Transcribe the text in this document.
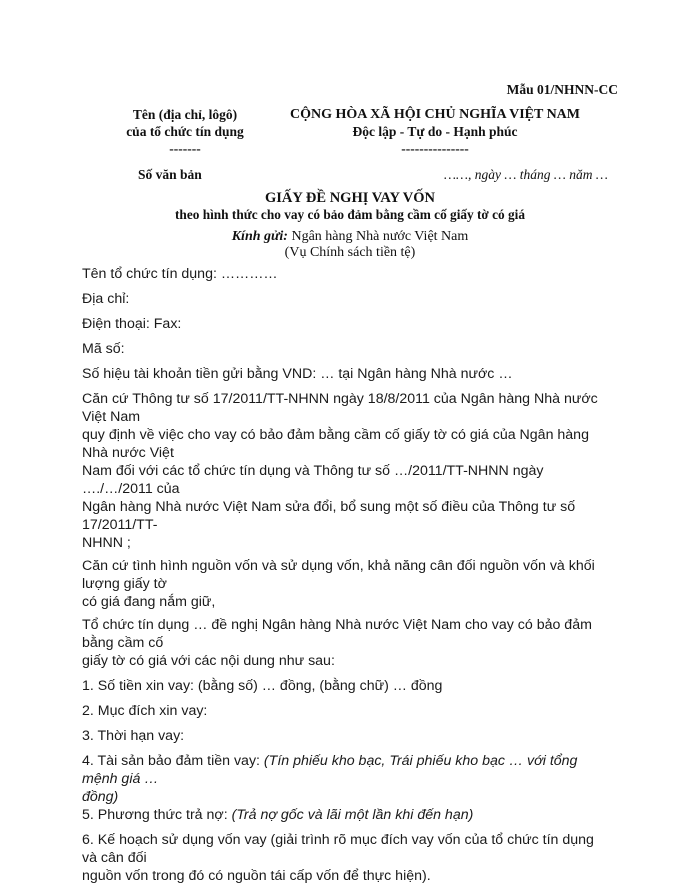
Mẫu 01/NHNN-CC
Tên (địa chỉ, lôgô)
của tổ chức tín dụng
-------
CỘNG HÒA XÃ HỘI CHỦ NGHĨA VIỆT NAM
Độc lập - Tự do - Hạnh phúc
---------------
Số văn bản	……, ngày … tháng … năm …
GIẤY ĐỀ NGHỊ VAY VỐN
theo hình thức cho vay có bảo đảm bằng cầm cố giấy tờ có giá
Kính gửi: Ngân hàng Nhà nước Việt Nam
(Vụ Chính sách tiền tệ)

Tên tổ chức tín dụng: …………

Địa chỉ:

Điện thoại: Fax:

Mã số:

Số hiệu tài khoản tiền gửi bằng VND: … tại Ngân hàng Nhà nước …

Căn cứ Thông tư số 17/2011/TT-NHNN ngày 18/8/2011 của Ngân hàng Nhà nước Việt Nam

quy định về việc cho vay có bảo đảm bằng cầm cố giấy tờ có giá của Ngân hàng Nhà nước Việt

Nam đối với các tổ chức tín dụng và Thông tư số …/2011/TT-NHNN ngày …./…/2011 của

Ngân hàng Nhà nước Việt Nam sửa đổi, bổ sung một số điều của Thông tư số 17/2011/TT-

NHNN ;

Căn cứ tình hình nguồn vốn và sử dụng vốn, khả năng cân đối nguồn vốn và khối lượng giấy tờ

có giá đang nắm giữ,

Tổ chức tín dụng … đề nghị Ngân hàng Nhà nước Việt Nam cho vay có bảo đảm bằng cầm cố

giấy tờ có giá với các nội dung như sau:

1. Số tiền xin vay: (bằng số) … đồng, (bằng chữ) … đồng

2. Mục đích xin vay:

3. Thời hạn vay:

4. Tài sản bảo đảm tiền vay: (Tín phiếu kho bạc, Trái phiếu kho bạc … với tổng mệnh giá …

đồng)

5. Phương thức trả nợ: (Trả nợ gốc và lãi một lần khi đến hạn)

6. Kế hoạch sử dụng vốn vay (giải trình rõ mục đích vay vốn của tổ chức tín dụng và cân đối

nguồn vốn trong đó có nguồn tái cấp vốn để thực hiện).
